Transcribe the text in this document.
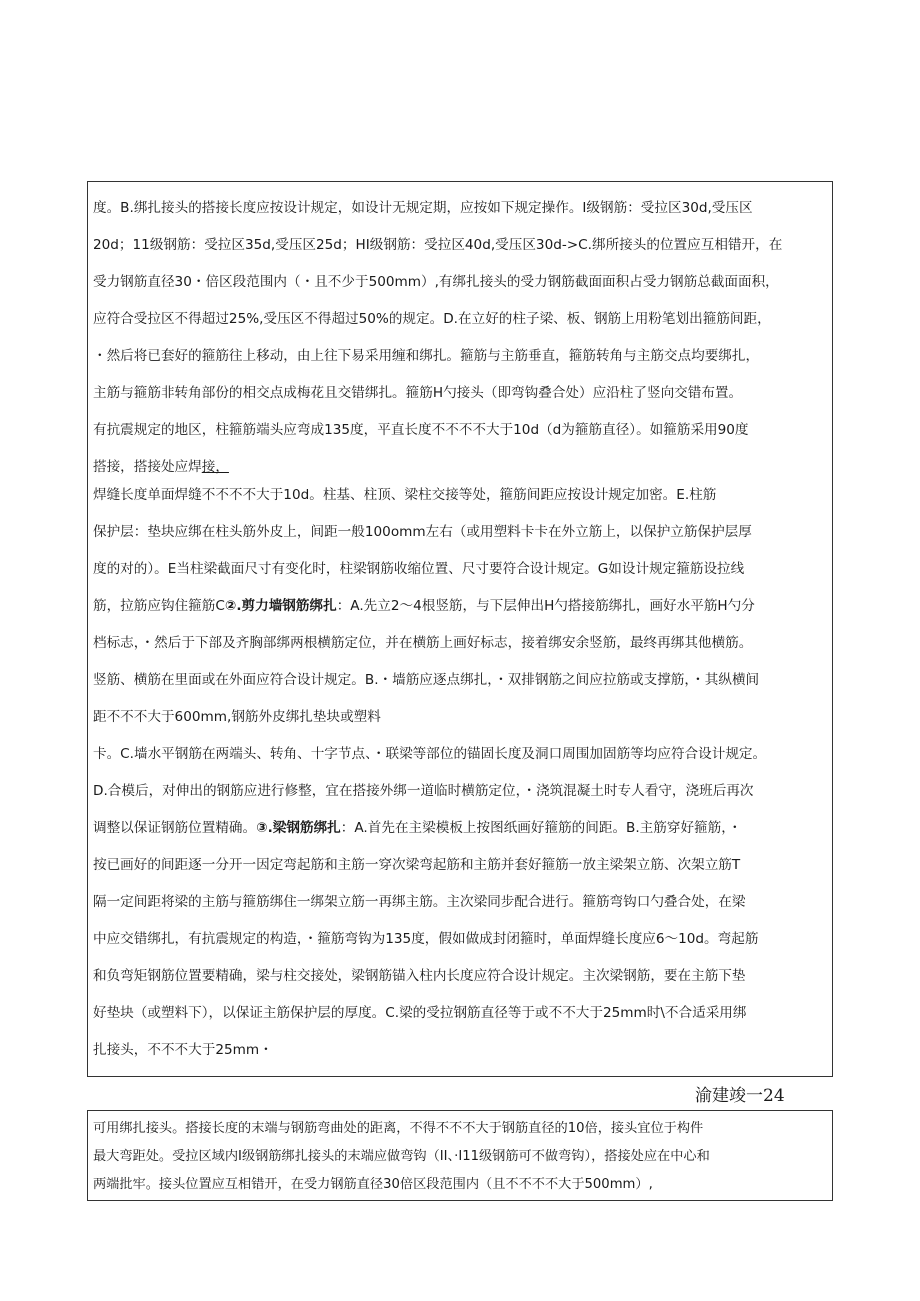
度。B.绑扎接头的搭接长度应按设计规定，如设计无规定期，应按如下规定操作。I级钢筋：受拉区30d,受压区
20d；11级钢筋：受拉区35d,受压区25d；HI级钢筋：受拉区40d,受压区30d->C.绑所接头的位置应互相错开，在
受力钢筋直径30・倍区段范围内（・且不少于500mm）,有绑扎接头的受力钢筋截面面积占受力钢筋总截面面积，
应符合受拉区不得超过25%,受压区不得超过50%的规定。D.在立好的柱子梁、板、钢筋上用粉笔划出箍筋间距，
・然后将已套好的箍筋往上移动，由上往下易采用缠和绑扎。箍筋与主筋垂直，箍筋转角与主筋交点均要绑扎，
主筋与箍筋非转角部份的相交点成梅花且交错绑扎。箍筋H勺接头（即弯钩叠合处）应沿柱了竖向交错布置。
有抗震规定的地区，柱箍筋端头应弯成135度，平直长度不不不不大于10d（d为箍筋直径）。如箍筋采用90度
搭接，搭接处应焊接，
焊缝长度单面焊缝不不不不大于10d。柱基、柱顶、梁柱交接等处，箍筋间距应按设计规定加密。E.柱筋
保护层：垫块应绑在柱头筋外皮上，间距一般100omm左右（或用塑料卡卡在外立筋上，以保护立筋保护层厚
度的对的）。E当柱梁截面尺寸有变化时，柱梁钢筋收缩位置、尺寸要符合设计规定。G如设计规定箍筋设拉线
筋，拉筋应钩住箍筋C②.剪力墙钢筋绑扎：A.先立2～4根竖筋，与下层伸出H勺搭接筋绑扎，画好水平筋H勺分
档标志，・然后于下部及齐胸部绑两根横筋定位，并在横筋上画好标志，接着绑安余竖筋，最终再绑其他横筋。
竖筋、横筋在里面或在外面应符合设计规定。B.・墙筋应逐点绑扎，・双排钢筋之间应拉筋或支撑筋，・其纵横间
距不不不大于600mm,钢筋外皮绑扎垫块或塑料
卡。C.墙水平钢筋在两端头、转角、十字节点、・联梁等部位的锚固长度及洞口周围加固筋等均应符合设计规定。
D.合模后，对伸出的钢筋应进行修整，宜在搭接外绑一道临时横筋定位，・浇筑混凝土时专人看守，浇班后再次
调整以保证钢筋位置精确。③.梁钢筋绑扎：A.首先在主梁模板上按图纸画好箍筋的间距。B.主筋穿好箍筋，・
按已画好的间距逐一分开一因定弯起筋和主筋一穿次梁弯起筋和主筋并套好箍筋一放主梁架立筋、次架立筋T
隔一定间距将梁的主筋与箍筋绑住一绑架立筋一再绑主筋。主次梁同步配合进行。箍筋弯钩口勺叠合处，在梁
中应交错绑扎，有抗震规定的构造，・箍筋弯钩为135度，假如做成封闭箍时，单面焊缝长度应6～10d。弯起筋
和负弯矩钢筋位置要精确，梁与柱交接处，梁钢筋锚入柱内长度应符合设计规定。主次梁钢筋，要在主筋下垫
好垫块（或塑料下），以保证主筋保护层的厚度。C.梁的受拉钢筋直径等于或不不大于25mm时\不合适采用绑
扎接头，不不不大于25mm・
渝建竣一24
可用绑扎接头。搭接长度的末端与钢筋弯曲处的距离，不得不不不大于钢筋直径的10倍，接头宜位于构件
最大弯距处。受拉区域内I级钢筋绑扎接头的末端应做弯钩（II、·I11级钢筋可不做弯钩），搭接处应在中心和
两端批牢。接头位置应互相错开，在受力钢筋直径30倍区段范围内（且不不不不大于500mm）,
